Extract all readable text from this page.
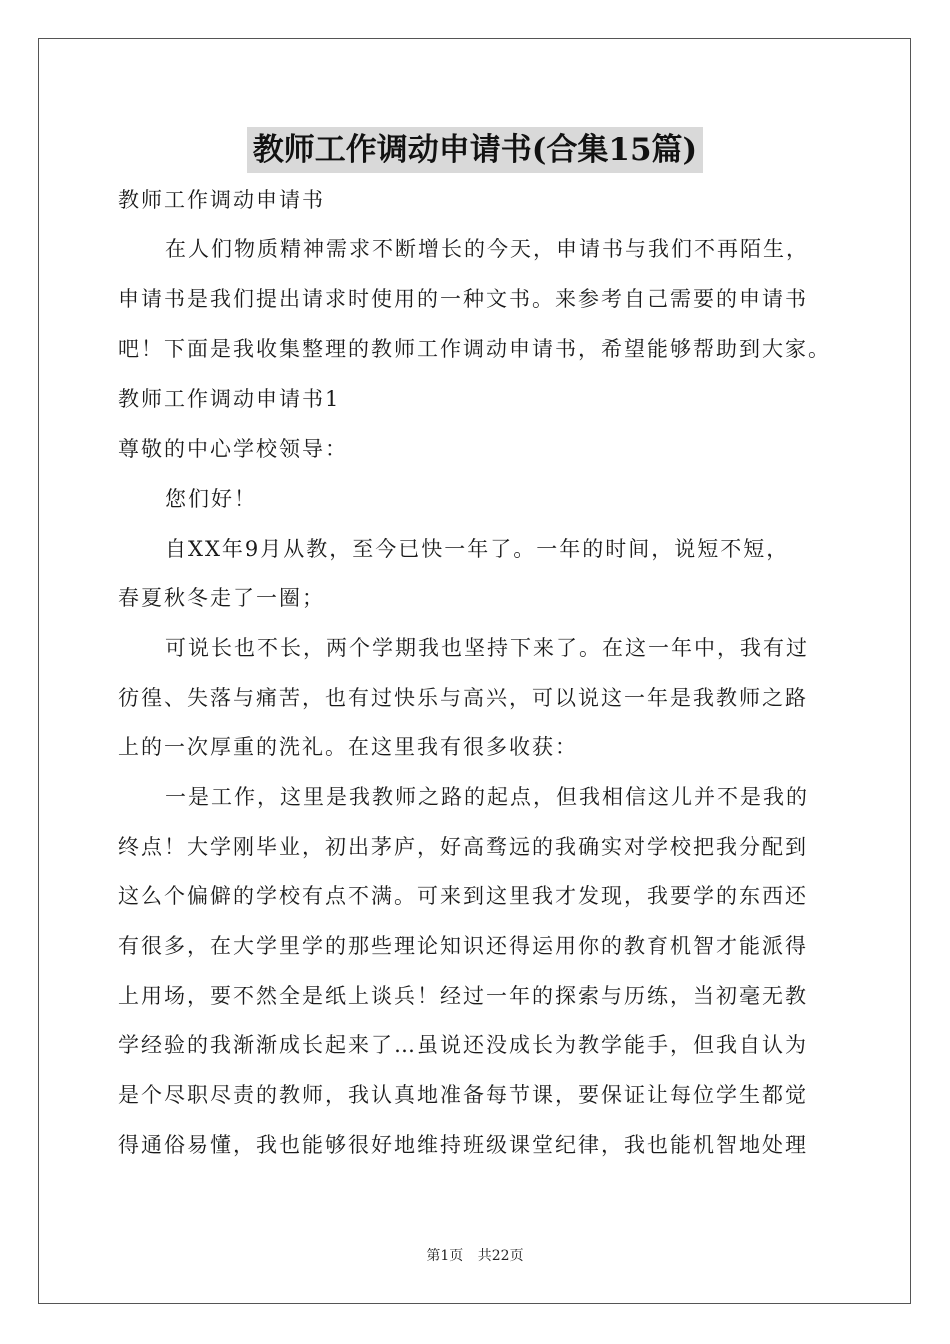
教师工作调动申请书(合集15篇)
教师工作调动申请书
在人们物质精神需求不断增长的今天，申请书与我们不再陌生，
申请书是我们提出请求时使用的一种文书。来参考自己需要的申请书
吧！下面是我收集整理的教师工作调动申请书，希望能够帮助到大家。
教师工作调动申请书1
尊敬的中心学校领导：
您们好！
自XX年9月从教，至今已快一年了。一年的时间，说短不短，
春夏秋冬走了一圈；
可说长也不长，两个学期我也坚持下来了。在这一年中，我有过
彷徨、失落与痛苦，也有过快乐与高兴，可以说这一年是我教师之路
上的一次厚重的洗礼。在这里我有很多收获：
一是工作，这里是我教师之路的起点，但我相信这儿并不是我的
终点！大学刚毕业，初出茅庐，好高骛远的我确实对学校把我分配到
这么个偏僻的学校有点不满。可来到这里我才发现，我要学的东西还
有很多，在大学里学的那些理论知识还得运用你的教育机智才能派得
上用场，要不然全是纸上谈兵！经过一年的探索与历练，当初毫无教
学经验的我渐渐成长起来了…虽说还没成长为教学能手，但我自认为
是个尽职尽责的教师，我认真地准备每节课，要保证让每位学生都觉
得通俗易懂，我也能够很好地维持班级课堂纪律，我也能机智地处理
第1页 共22页
